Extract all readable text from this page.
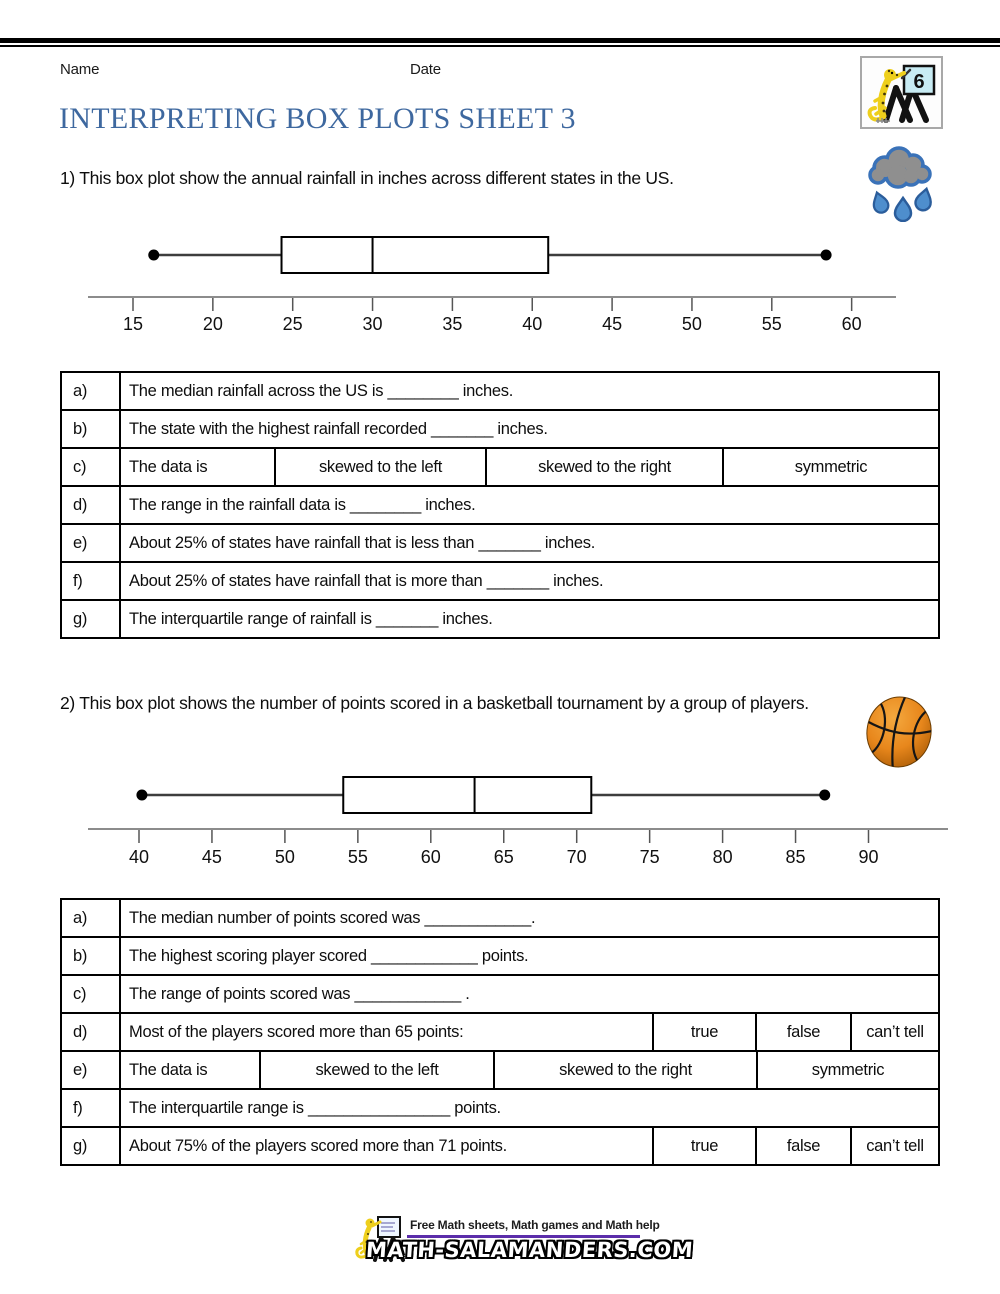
Name	Date
6
INTERPRETING BOX PLOTS SHEET 3
1) This box plot show the annual rainfall in inches across different states in the US.
15	20	25	30	35	40	45	50	55	60
a)	The median rainfall across the US is ________ inches.
b)	The state with the highest rainfall recorded _______ inches.
c)	The data is	skewed to the left	skewed to the right	symmetric
d)	The range in the rainfall data is ________ inches.
e)	About 25% of states have rainfall that is less than _______ inches.
f)	About 25% of states have rainfall that is more than _______ inches.
g)	The interquartile range of rainfall is _______ inches.
2) This box plot shows the number of points scored in a basketball tournament by a group of players.
40	45	50	55	60	65	70	75	80	85	90
a)	The median number of points scored was ____________.
b)	The highest scoring player scored ____________ points.
c)	The range of points scored was ____________ .
d)	Most of the players scored more than 65 points:	true	false	can’t tell
e)	The data is	skewed to the left	skewed to the right	symmetric
f)	The interquartile range is ________________ points.
g)	About 75% of the players scored more than 71 points.	true	false	can’t tell
Free Math sheets, Math games and Math help
MATH-SALAMANDERS.COM
